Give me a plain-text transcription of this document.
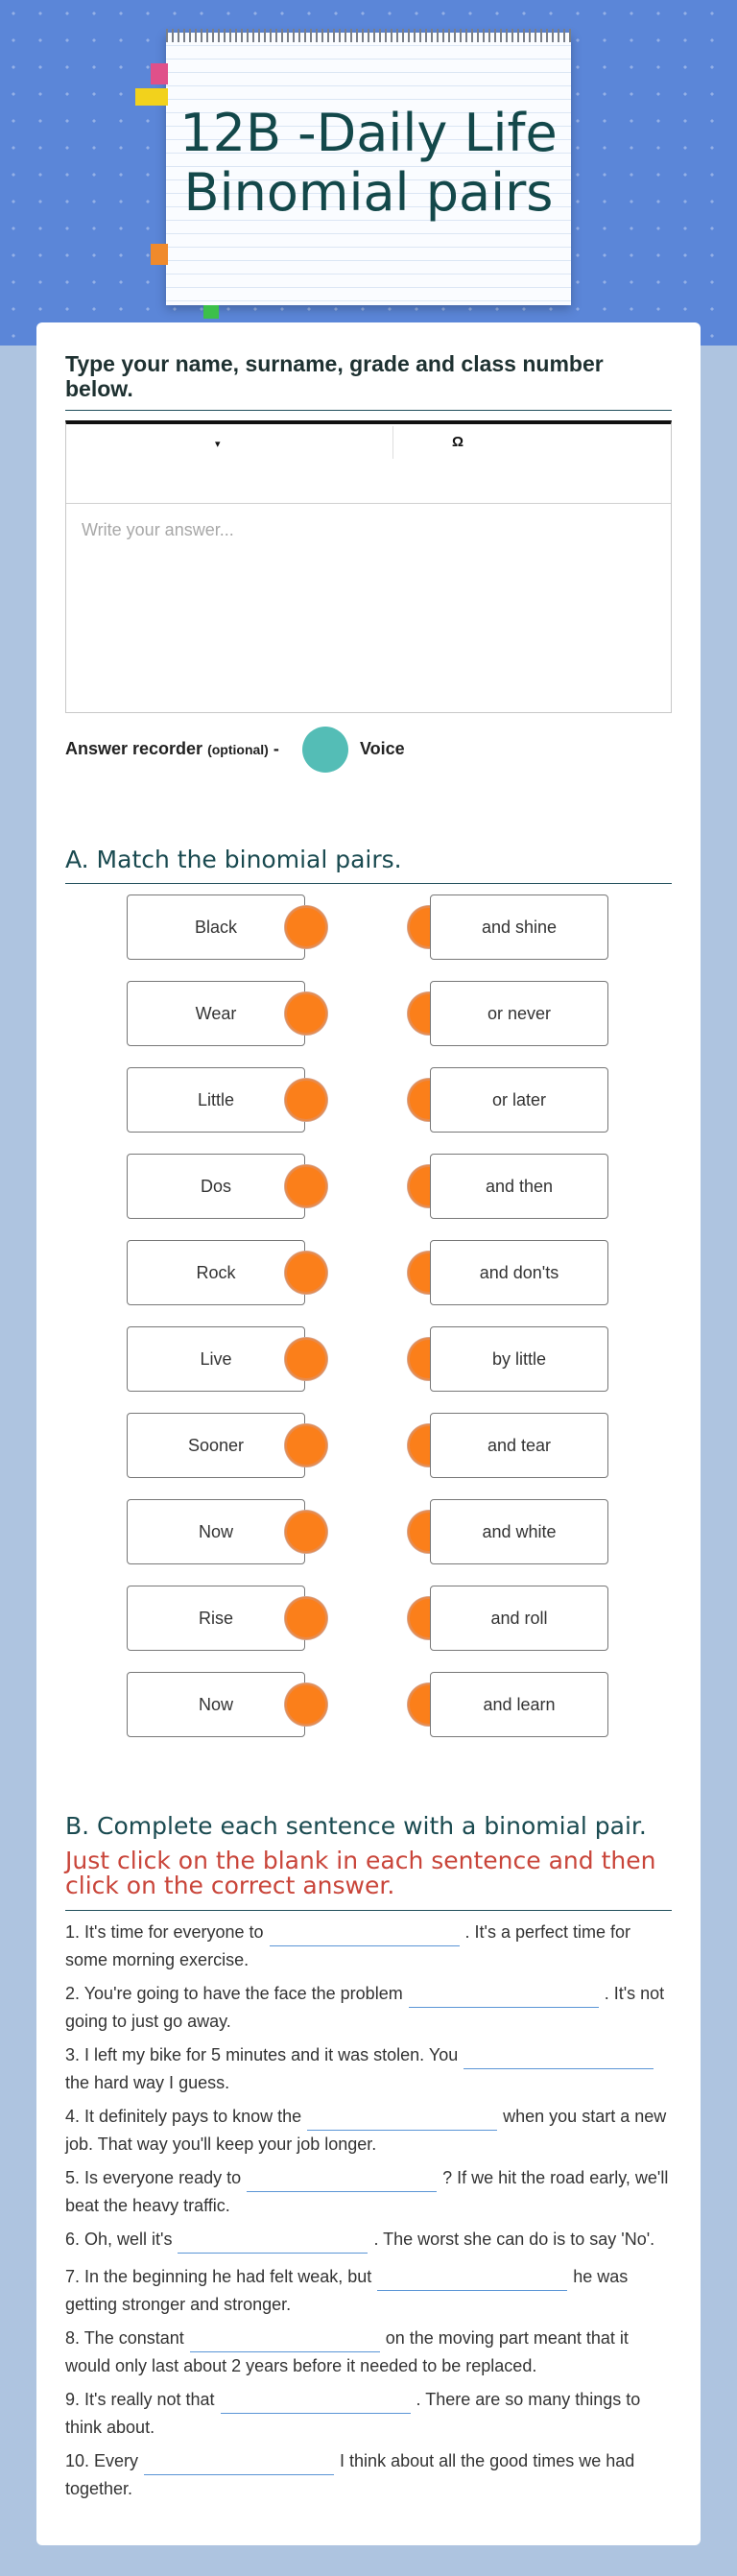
12B -Daily Life
Binomial pairs
Type your name, surname, grade and class number below.
▾	Ω
Write your answer...
Answer recorder (optional) -	Voice
A. Match the binomial pairs.
Black	and shine
Wear	or never
Little	or later
Dos	and then
Rock	and don'ts
Live	by little
Sooner	and tear
Now	and white
Rise	and roll
Now	and learn
B. Complete each sentence with a binomial pair.
Just click on the blank in each sentence and then click on the correct answer.
1. It's time for everyone to	. It's a perfect time for some morning exercise.
2. You're going to have the face the problem	. It's not going to just go away.
3. I left my bike for 5 minutes and it was stolen. Youthe hard way I guess.
4. It definitely pays to know the	when you start a new job. That way you'll keep your job longer.
5. Is everyone ready to	? If we hit the road early, we'll beat the heavy traffic.
6. Oh, well it's	. The worst she can do is to say 'No'.
7. In the beginning he had felt weak, but	he was getting stronger and stronger.
8. The constant	on the moving part meant that it would only last about 2 years before it needed to be replaced.
9. It's really not that	. There are so many things to think about.
10. Every	I think about all the good times we had together.
